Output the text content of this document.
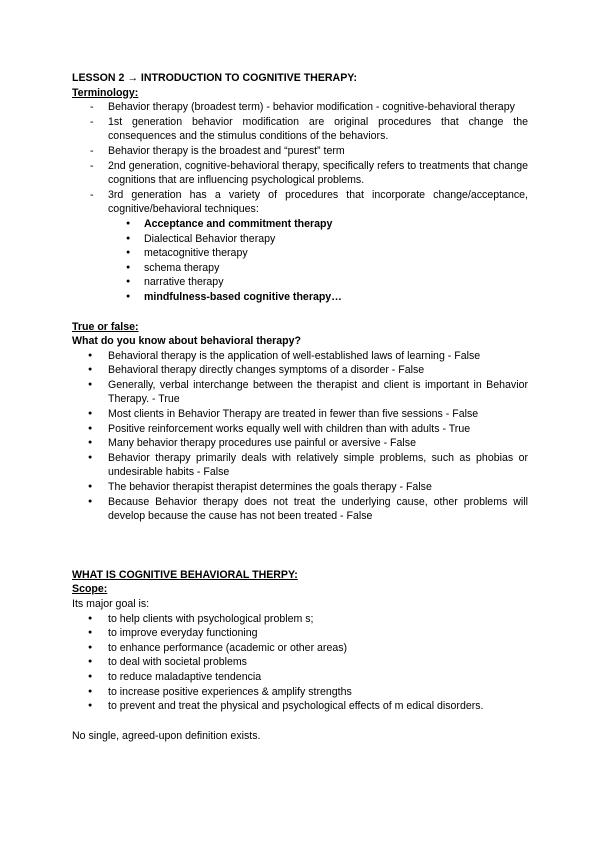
LESSON 2 → INTRODUCTION TO COGNITIVE THERAPY:
Terminology:
- Behavior therapy (broadest term) - behavior modification - cognitive-behavioral therapy
- 1st generation behavior modification are original procedures that change the consequences and the stimulus conditions of the behaviors.
- Behavior therapy is the broadest and “purest” term
- 2nd generation, cognitive-behavioral therapy, specifically refers to treatments that change cognitions that are influencing psychological problems.
- 3rd generation has a variety of procedures that incorporate change/acceptance, cognitive/behavioral techniques:
● Acceptance and commitment therapy
● Dialectical Behavior therapy
● metacognitive therapy
● schema therapy
● narrative therapy
● mindfulness-based cognitive therapy…
True or false:
What do you know about behavioral therapy?
● Behavioral therapy is the application of well-established laws of learning - False
● Behavioral therapy directly changes symptoms of a disorder - False
● Generally, verbal interchange between the therapist and client is important in Behavior Therapy. - True
● Most clients in Behavior Therapy are treated in fewer than five sessions - False
● Positive reinforcement works equally well with children than with adults - True
● Many behavior therapy procedures use painful or aversive - False
● Behavior therapy primarily deals with relatively simple problems, such as phobias or undesirable habits - False
● The behavior therapist therapist determines the goals therapy - False
● Because Behavior therapy does not treat the underlying cause, other problems will develop because the cause has not been treated - False
WHAT IS COGNITIVE BEHAVIORAL THERPY:
Scope:
Its major goal is:
● to help clients with psychological problem s;
● to improve everyday functioning
● to enhance performance (academic or other areas)
● to deal with societal problems
● to reduce maladaptive tendencia
● to increase positive experiences & amplify strengths
● to prevent and treat the physical and psychological effects of m edical disorders.
No single, agreed-upon definition exists.
